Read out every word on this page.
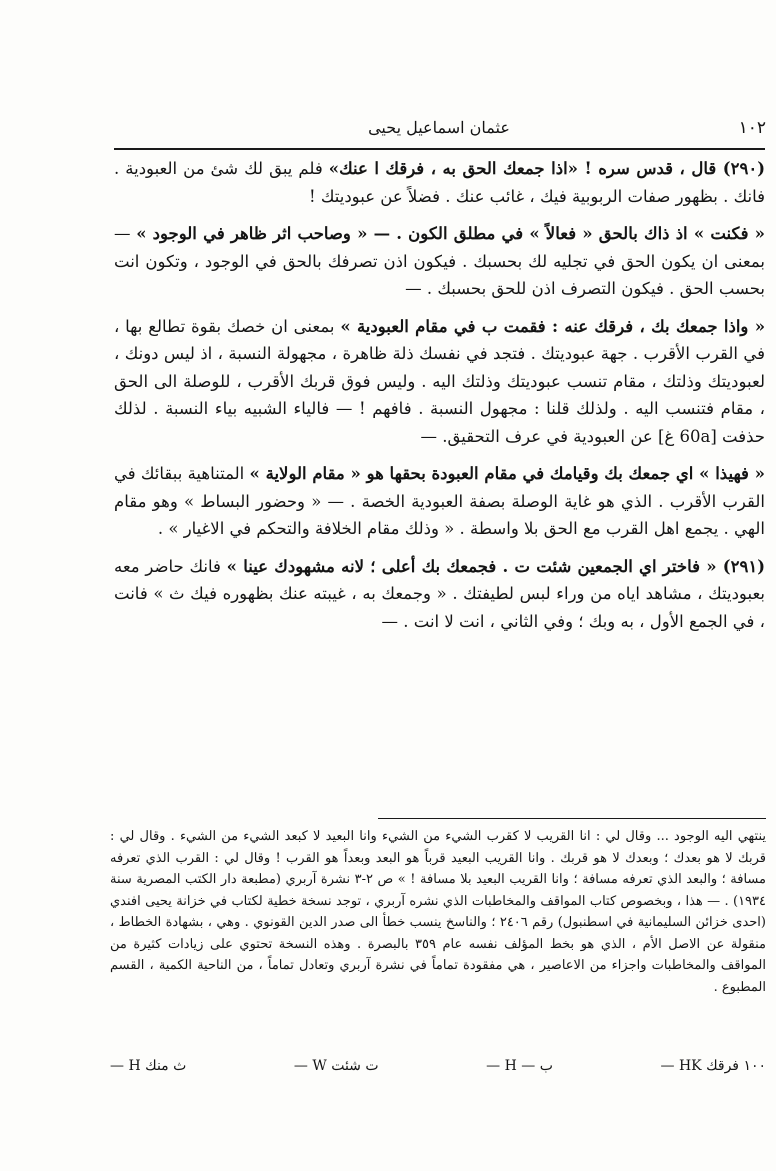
١٠٢
عثمان اسماعيل يحيى

(٢٩٠) قال ، قدس سره ! «اذا جمعك الحق به ، فرقك ا عنك» فلم يبق لك شئ من العبودية . فانك . بظهور صفات الربوبية فيك ، غائب عنك . فضلاً عن عبوديتك !

« فكنت » اذ ذاك بالحق « فعالاً » في مطلق الكون . — « وصاحب اثر ظاهر في الوجود » — بمعنى ان يكون الحق في تجليه لك بحسبك . فيكون اذن تصرفك بالحق في الوجود ، وتكون انت بحسب الحق . فيكون التصرف اذن للحق بحسبك . —

« واذا جمعك بك ، فرقك عنه : فقمت ب في مقام العبودية » بمعنى ان خصك بقوة تطالع بها ، في القرب الأقرب . جهة عبوديتك . فتجد في نفسك ذلة ظاهرة ، مجهولة النسبة ، اذ ليس دونك ، لعبوديتك وذلتك ، مقام تنسب عبوديتك وذلتك اليه . وليس فوق قربك الأقرب ، للوصلة الى الحق ، مقام فتنسب اليه . ولذلك قلنا : مجهول النسبة . فافهم ! — فالياء الشبيه بياء النسبة . لذلك حذفت [60a غ] عن العبودية في عرف التحقيق. —

« فهيذا » اي جمعك بك وقيامك في مقام العبودة بحقها هو « مقام الولاية » المتناهية ببقائك في القرب الأقرب . الذي هو غاية الوصلة بصفة العبودية الخصة . — « وحضور البساط » وهو مقام الهي . يجمع اهل القرب مع الحق بلا واسطة . « وذلك مقام الخلافة والتحكم في الاغيار » .

(٢٩١) « فاختر اي الجمعين شئت ت . فجمعك بك أعلى ؛ لانه مشهودك عينا » فانك حاضر معه بعبوديتك ، مشاهد اياه من وراء لبس لطيفتك . « وجمعك به ، غيبته عنك بظهوره فيك ث » فانت ، في الجمع الأول ، به وبك ؛ وفي الثاني ، انت لا انت . —

ينتهي اليه الوجود ... وقال لي : انا القريب لا كقرب الشيء من الشيء وانا البعيد لا كبعد الشيء من الشيء . وقال لي : قربك لا هو بعدك ؛ وبعدك لا هو قربك . وانا القريب البعيد قرباً هو البعد وبعداً هو القرب ! وقال لي : القرب الذي تعرفه مسافة ؛ والبعد الذي تعرفه مسافة ؛ وانا القريب البعيد بلا مسافة ! » ص ٢-٣ نشرة آربري (مطبعة دار الكتب المصرية سنة ١٩٣٤) . — هذا ، وبخصوص كتاب المواقف والمخاطبات الذي نشره آربري ، توجد نسخة خطية لكتاب في خزانة يحيى افندي (احدى خزائن السليمانية في اسطنبول) رقم ٢٤٠٦ ؛ والناسخ ينسب خطأ الى صدر الدين القونوي . وهي ، بشهادة الخطاط ، منقولة عن الاصل الأم ، الذي هو بخط المؤلف نفسه عام ٣٥٩ بالبصرة . وهذه النسخة تحتوي على زيادات كثيرة من المواقف والمخاطبات واجزاء من الاعاصير ، هي مفقودة تماماً في نشرة آربري وتعادل تماماً ، من الناحية الكمية ، القسم المطبوع .
١٠٠ فرقك HK —
ب — H —
ت شئت W —
ث منك H —
